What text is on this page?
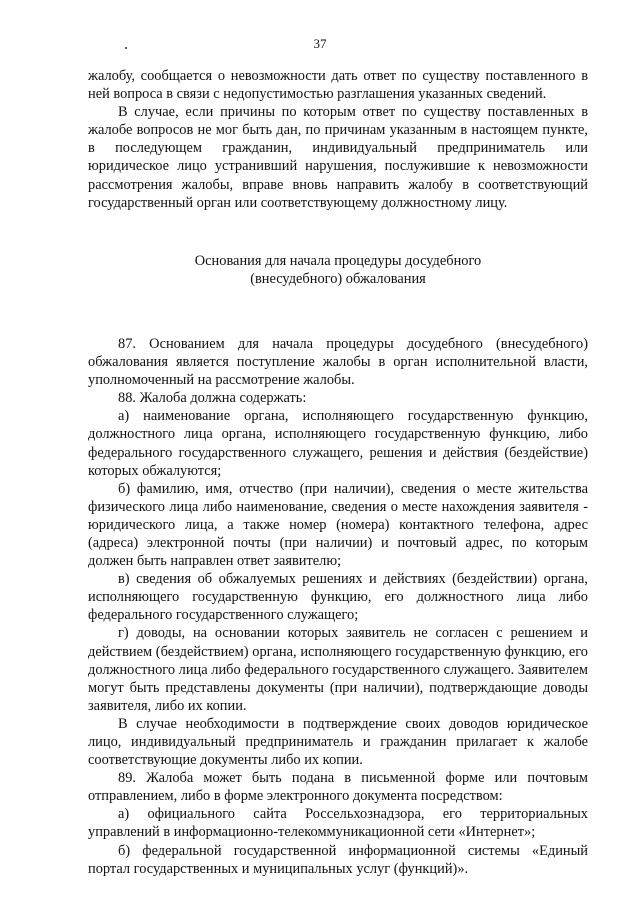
37

жалобу, сообщается о невозможности дать ответ по существу поставленного в ней вопроса в связи с недопустимостью разглашения указанных сведений.

В случае, если причины по которым ответ по существу поставленных в жалобе вопросов не мог быть дан, по причинам указанным в настоящем пункте, в последующем гражданин, индивидуальный предприниматель или юридическое лицо устранивший нарушения, послужившие к невозможности рассмотрения жалобы, вправе вновь направить жалобу в соответствующий государственный орган или соответствующему должностному лицу.

Основания для начала процедуры досудебного
(внесудебного) обжалования

87. Основанием для начала процедуры досудебного (внесудебного) обжалования является поступление жалобы в орган исполнительной власти, уполномоченный на рассмотрение жалобы.

88. Жалоба должна содержать:

а) наименование органа, исполняющего государственную функцию, должностного лица органа, исполняющего государственную функцию, либо федерального государственного служащего, решения и действия (бездействие) которых обжалуются;

б) фамилию, имя, отчество (при наличии), сведения о месте жительства физического лица либо наименование, сведения о месте нахождения заявителя - юридического лица, а также номер (номера) контактного телефона, адрес (адреса) электронной почты (при наличии) и почтовый адрес, по которым должен быть направлен ответ заявителю;

в) сведения об обжалуемых решениях и действиях (бездействии) органа, исполняющего государственную функцию, его должностного лица либо федерального государственного служащего;

г) доводы, на основании которых заявитель не согласен с решением и действием (бездействием) органа, исполняющего государственную функцию, его должностного лица либо федерального государственного служащего. Заявителем могут быть представлены документы (при наличии), подтверждающие доводы заявителя, либо их копии.

В случае необходимости в подтверждение своих доводов юридическое лицо, индивидуальный предприниматель и гражданин прилагает к жалобе соответствующие документы либо их копии.

89. Жалоба может быть подана в письменной форме или почтовым отправлением, либо в форме электронного документа посредством:

а) официального сайта Россельхознадзора, его территориальных управлений в информационно-телекоммуникационной сети «Интернет»;

б) федеральной государственной информационной системы «Единый портал государственных и муниципальных услуг (функций)».
